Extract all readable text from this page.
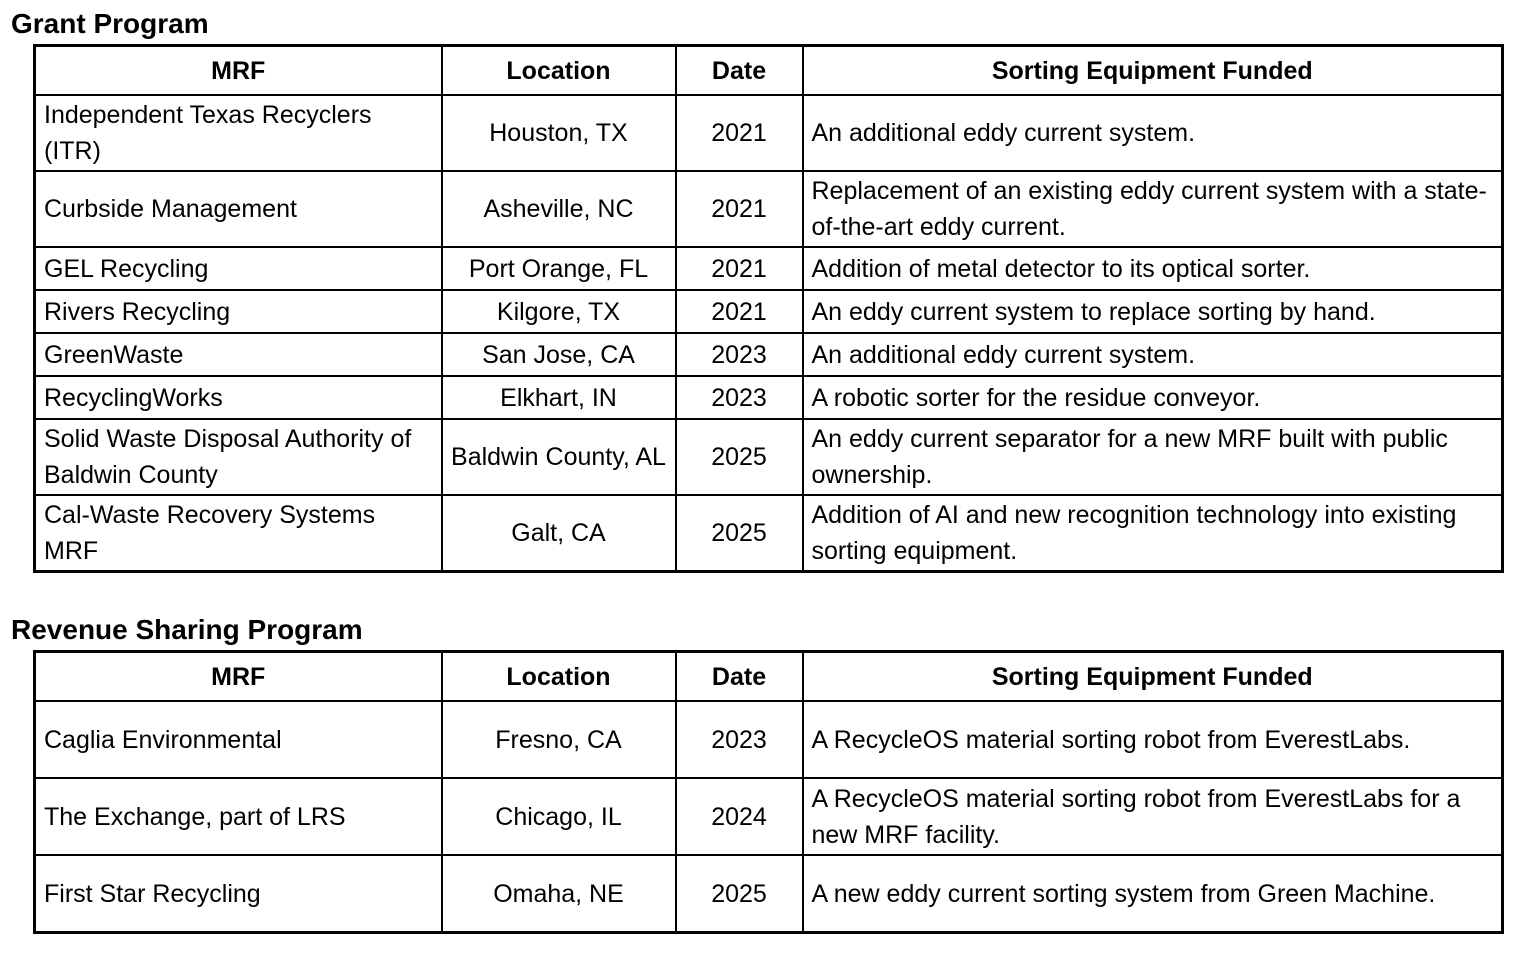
Grant Program
MRF	Location	Date	Sorting Equipment Funded
Independent Texas Recyclers (ITR)	Houston, TX	2021	An additional eddy current system.
Curbside Management	Asheville, NC	2021	Replacement of an existing eddy current system with a state-of-the-art eddy current.
GEL Recycling	Port Orange, FL	2021	Addition of metal detector to its optical sorter.
Rivers Recycling	Kilgore, TX	2021	An eddy current system to replace sorting by hand.
GreenWaste	San Jose, CA	2023	An additional eddy current system.
RecyclingWorks	Elkhart, IN	2023	A robotic sorter for the residue conveyor.
Solid Waste Disposal Authority of Baldwin County	Baldwin County, AL	2025	An eddy current separator for a new MRF built with public ownership.
Cal-Waste Recovery Systems MRF	Galt, CA	2025	Addition of AI and new recognition technology into existing sorting equipment.
Revenue Sharing Program
MRF	Location	Date	Sorting Equipment Funded
Caglia Environmental	Fresno, CA	2023	A RecycleOS material sorting robot from EverestLabs.
The Exchange, part of LRS	Chicago, IL	2024	A RecycleOS material sorting robot from EverestLabs for a new MRF facility.
First Star Recycling	Omaha, NE	2025	A new eddy current sorting system from Green Machine.
